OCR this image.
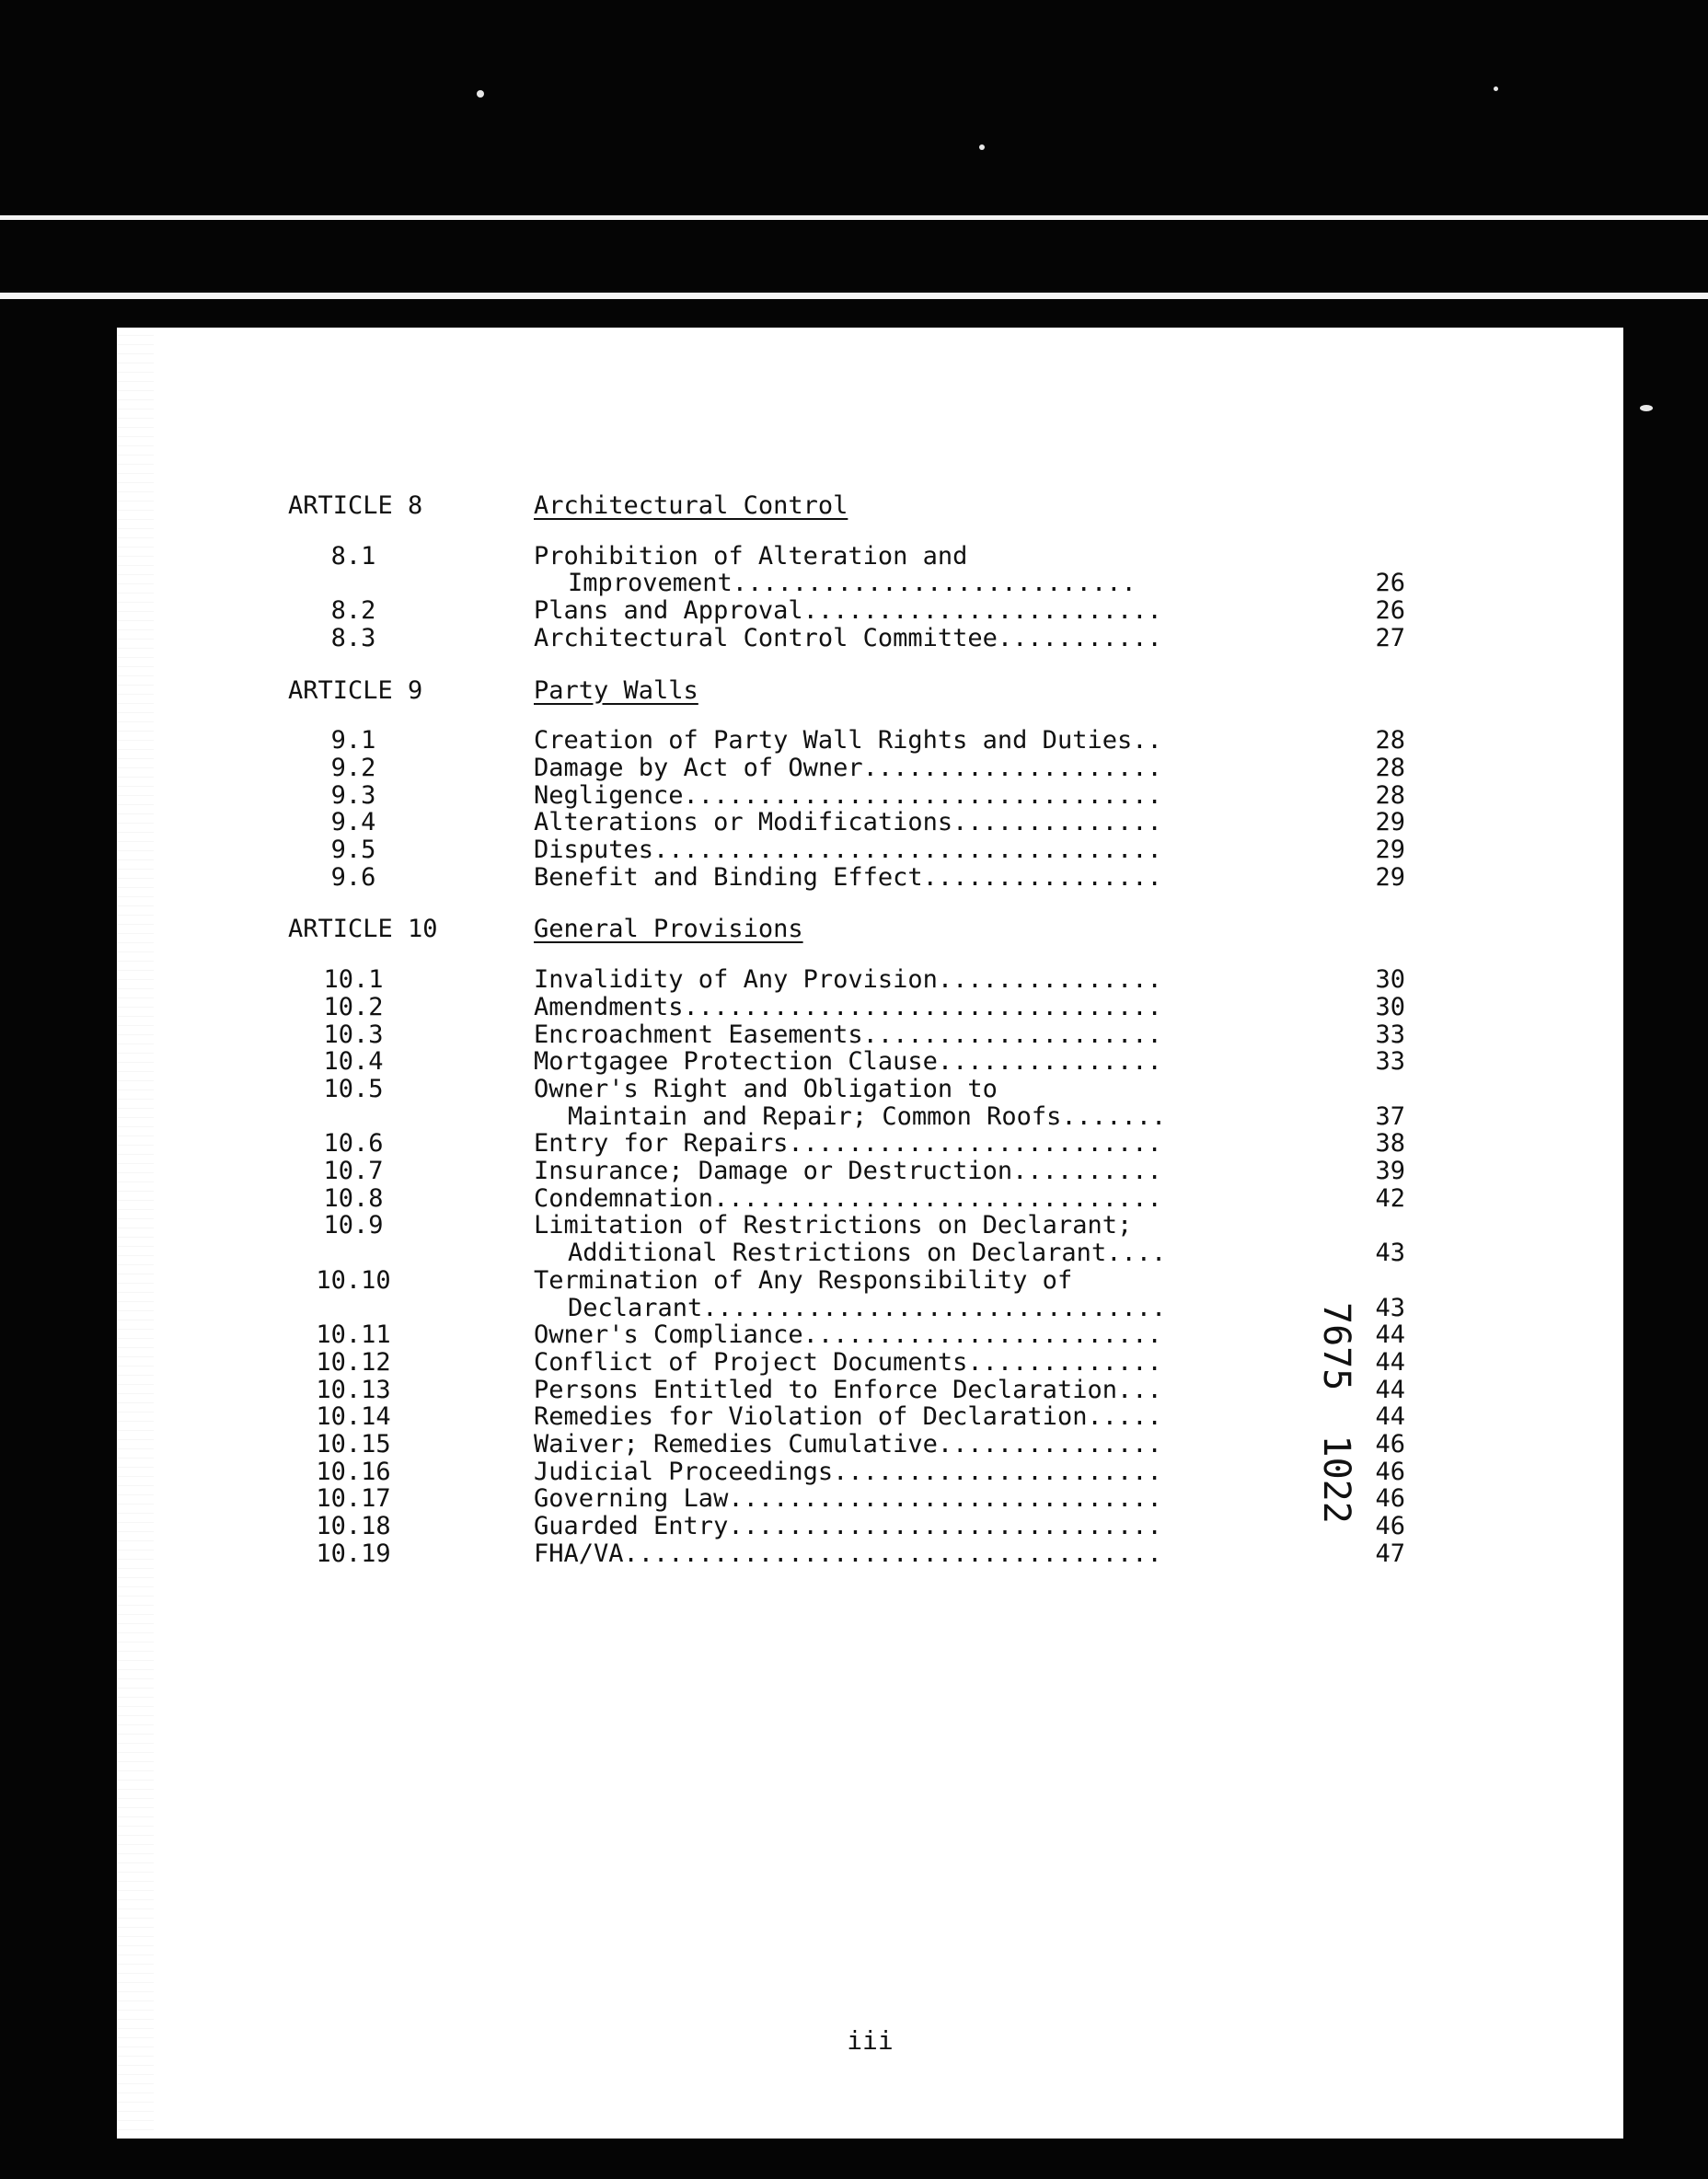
ARTICLE 8	Architectural Control
8.1	Prohibition of Alteration and
Improvement...........................	26
8.2	Plans and Approval........................	26
8.3	Architectural Control Committee...........	27
ARTICLE 9	Party Walls
9.1	Creation of Party Wall Rights and Duties..	28
9.2	Damage by Act of Owner....................	28
9.3	Negligence................................	28
9.4	Alterations or Modifications..............	29
9.5	Disputes..................................	29
9.6	Benefit and Binding Effect................	29
ARTICLE 10	General Provisions
10.1	Invalidity of Any Provision...............	30
10.2	Amendments................................	30
10.3	Encroachment Easements....................	33
10.4	Mortgagee Protection Clause...............	33
10.5	Owner's Right and Obligation to
Maintain and Repair; Common Roofs.......	37
10.6	Entry for Repairs.........................	38
10.7	Insurance; Damage or Destruction..........	39
10.8	Condemnation..............................	42
10.9	Limitation of Restrictions on Declarant;
Additional Restrictions on Declarant....	43
10.10	Termination of Any Responsibility of
Declarant...............................	43
10.11	Owner's Compliance........................	44
10.12	Conflict of Project Documents.............	44
10.13	Persons Entitled to Enforce Declaration...	44
10.14	Remedies for Violation of Declaration.....	44
10.15	Waiver; Remedies Cumulative...............	46
10.16	Judicial Proceedings......................	46
10.17	Governing Law.............................	46
10.18	Guarded Entry.............................	46
10.19	FHA/VA....................................	47
iii
7675  1022
